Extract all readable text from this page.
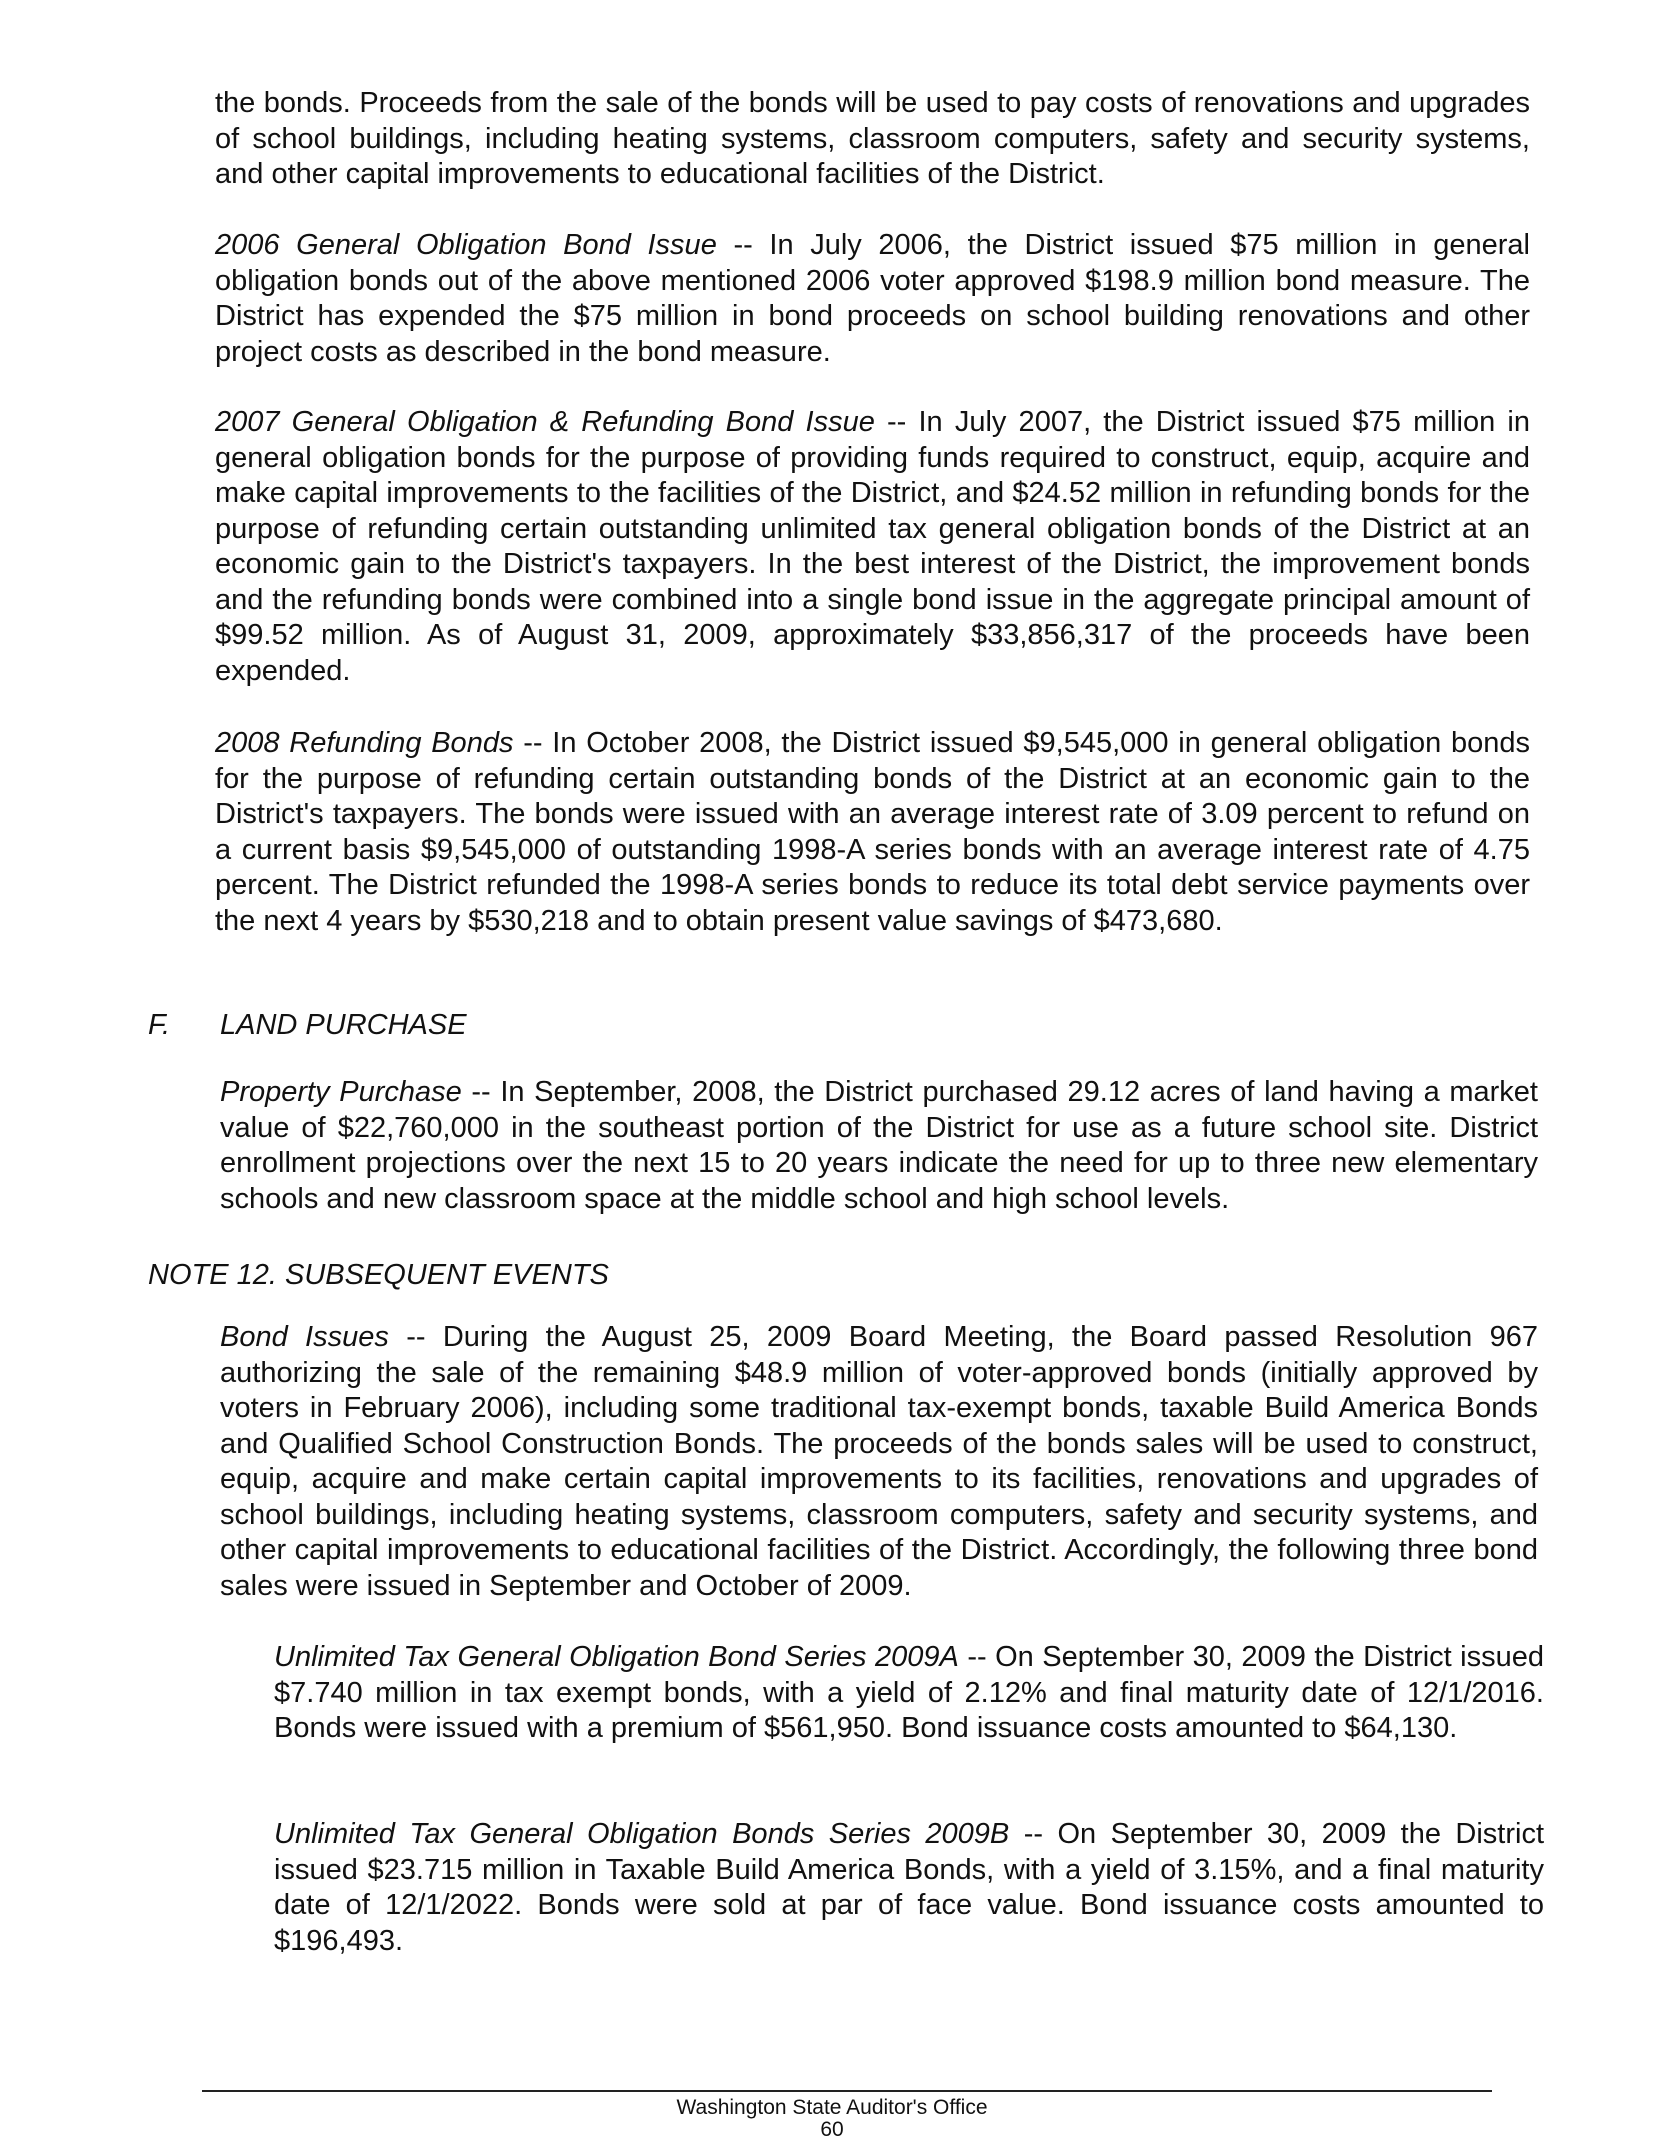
the bonds. Proceeds from the sale of the bonds will be used to pay costs of renovations and upgrades of school buildings, including heating systems, classroom computers, safety and security systems, and other capital improvements to educational facilities of the District.

2006 General Obligation Bond Issue -- In July 2006, the District issued $75 million in general obligation bonds out of the above mentioned 2006 voter approved $198.9 million bond measure. The District has expended the $75 million in bond proceeds on school building renovations and other project costs as described in the bond measure.

2007 General Obligation & Refunding Bond Issue -- In July 2007, the District issued $75 million in general obligation bonds for the purpose of providing funds required to construct, equip, acquire and make capital improvements to the facilities of the District, and $24.52 million in refunding bonds for the purpose of refunding certain outstanding unlimited tax general obligation bonds of the District at an economic gain to the District's taxpayers. In the best interest of the District, the improvement bonds and the refunding bonds were combined into a single bond issue in the aggregate principal amount of $99.52 million. As of August 31, 2009, approximately $33,856,317 of the proceeds have been expended.

2008 Refunding Bonds -- In October 2008, the District issued $9,545,000 in general obligation bonds for the purpose of refunding certain outstanding bonds of the District at an economic gain to the District's taxpayers. The bonds were issued with an average interest rate of 3.09 percent to refund on a current basis $9,545,000 of outstanding 1998-A series bonds with an average interest rate of 4.75 percent. The District refunded the 1998-A series bonds to reduce its total debt service payments over the next 4 years by $530,218 and to obtain present value savings of $473,680.

F. LAND PURCHASE

Property Purchase -- In September, 2008, the District purchased 29.12 acres of land having a market value of $22,760,000 in the southeast portion of the District for use as a future school site. District enrollment projections over the next 15 to 20 years indicate the need for up to three new elementary schools and new classroom space at the middle school and high school levels.

NOTE 12. SUBSEQUENT EVENTS

Bond Issues -- During the August 25, 2009 Board Meeting, the Board passed Resolution 967 authorizing the sale of the remaining $48.9 million of voter-approved bonds (initially approved by voters in February 2006), including some traditional tax-exempt bonds, taxable Build America Bonds and Qualified School Construction Bonds. The proceeds of the bonds sales will be used to construct, equip, acquire and make certain capital improvements to its facilities, renovations and upgrades of school buildings, including heating systems, classroom computers, safety and security systems, and other capital improvements to educational facilities of the District. Accordingly, the following three bond sales were issued in September and October of 2009.

Unlimited Tax General Obligation Bond Series 2009A -- On September 30, 2009 the District issued $7.740 million in tax exempt bonds, with a yield of 2.12% and final maturity date of 12/1/2016. Bonds were issued with a premium of $561,950. Bond issuance costs amounted to $64,130.

Unlimited Tax General Obligation Bonds Series 2009B -- On September 30, 2009 the District issued $23.715 million in Taxable Build America Bonds, with a yield of 3.15%, and a final maturity date of 12/1/2022. Bonds were sold at par of face value. Bond issuance costs amounted to $196,493.

Washington State Auditor's Office
60
